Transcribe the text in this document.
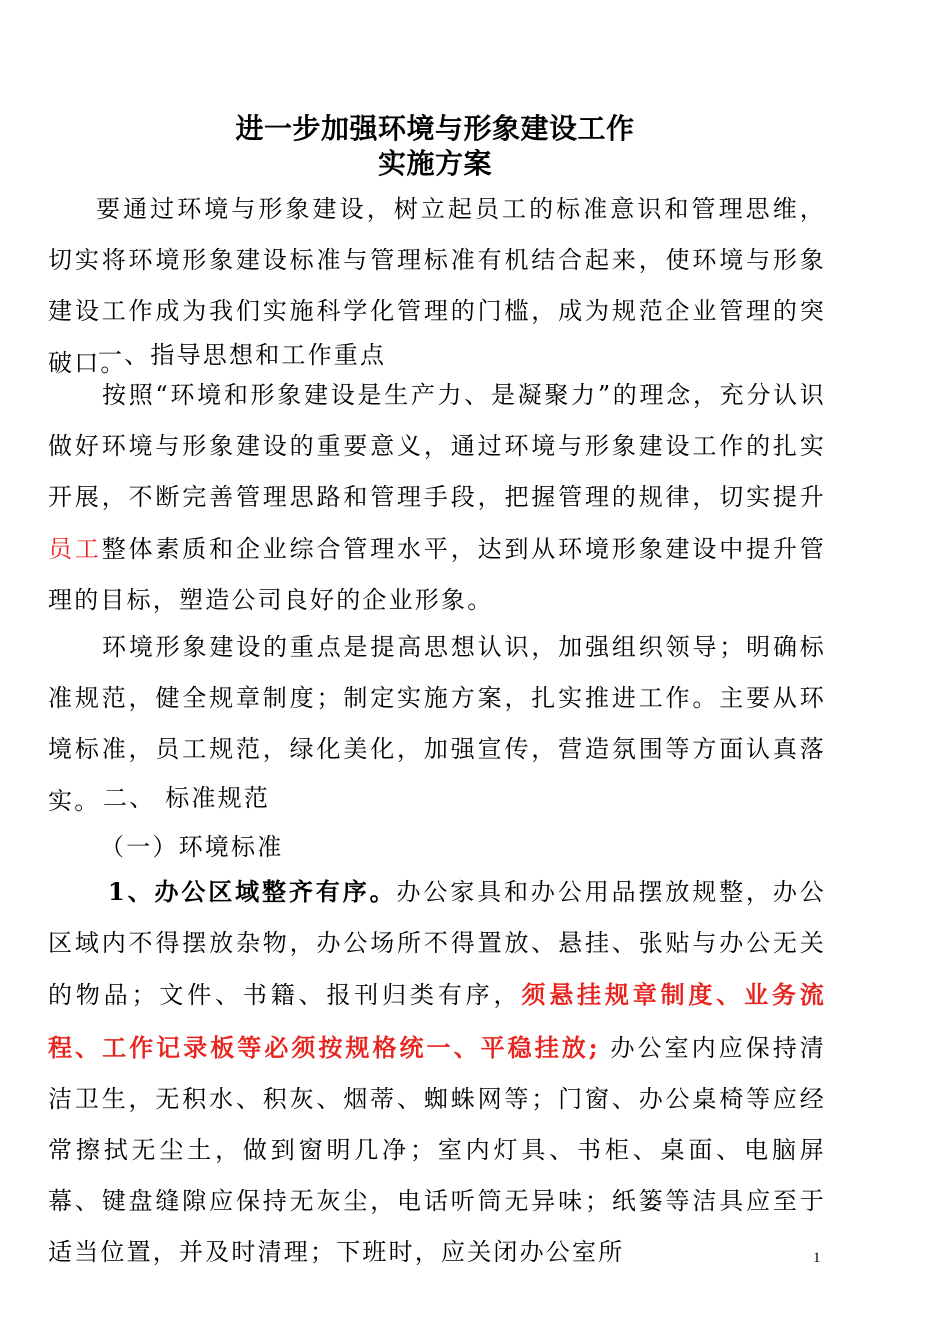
进一步加强环境与形象建设工作
实施方案

要通过环境与形象建设，树立起员工的标准意识和管理思维，切实将环境形象建设标准与管理标准有机结合起来，使环境与形象建设工作成为我们实施科学化管理的门槛，成为规范企业管理的突破口。

一、指导思想和工作重点

按照“环境和形象建设是生产力、是凝聚力”的理念，充分认识做好环境与形象建设的重要意义，通过环境与形象建设工作的扎实开展，不断完善管理思路和管理手段，把握管理的规律，切实提升员工整体素质和企业综合管理水平，达到从环境形象建设中提升管理的目标，塑造公司良好的企业形象。

环境形象建设的重点是提高思想认识，加强组织领导；明确标准规范，健全规章制度；制定实施方案，扎实推进工作。主要从环境标准，员工规范，绿化美化，加强宣传，营造氛围等方面认真落实。 二、 标准规范

（一）环境标准

1、办公区域整齐有序。办公家具和办公用品摆放规整，办公区域内不得摆放杂物，办公场所不得置放、悬挂、张贴与办公无关的物品；文件、书籍、报刊归类有序，须悬挂规章制度、业务流程、工作记录板等必须按规格统一、平稳挂放; 办公室内应保持清洁卫生，无积水、积灰、烟蒂、蜘蛛网等；门窗、办公桌椅等应经常擦拭无尘土，做到窗明几净；室内灯具、书柜、桌面、电脑屏幕、键盘缝隙应保持无灰尘，电话听筒无异味；纸篓等洁具应至于适当位置，并及时清理；下班时，应关闭办公室所	1
